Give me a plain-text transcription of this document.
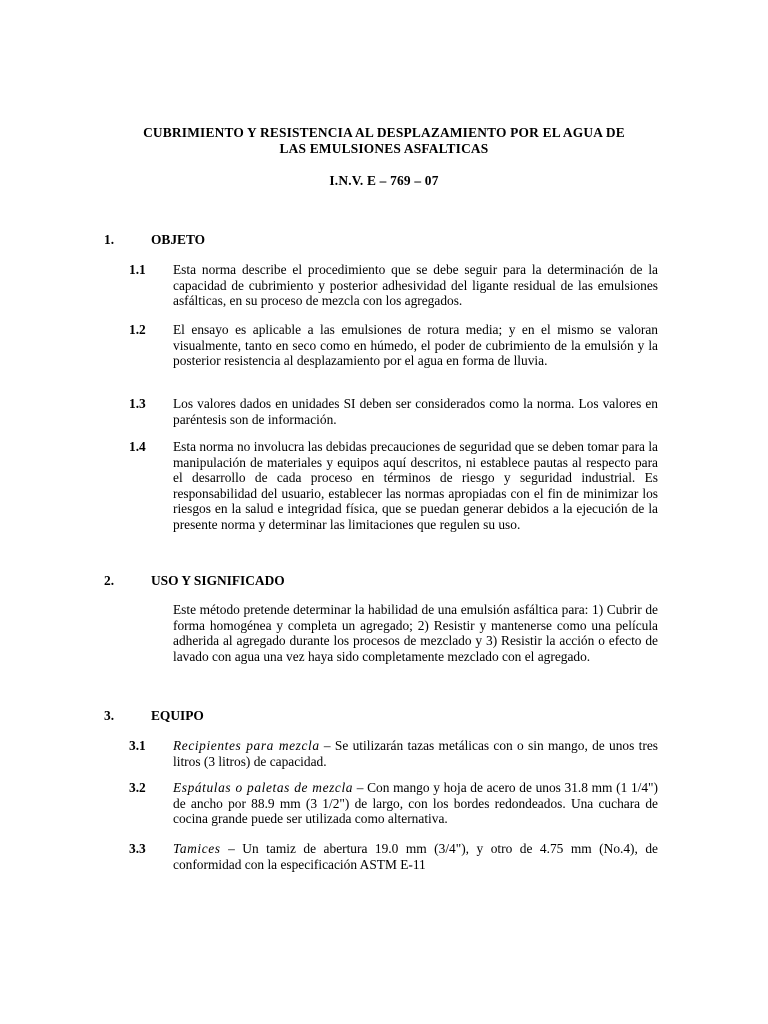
CUBRIMIENTO Y RESISTENCIA AL DESPLAZAMIENTO POR EL AGUA DE
LAS EMULSIONES ASFALTICAS
I.N.V. E – 769 – 07
1.	OBJETO
1.1 Esta norma describe el procedimiento que se debe seguir para la determinación de la capacidad de cubrimiento y posterior adhesividad del ligante residual de las emulsiones asfálticas, en su proceso de mezcla con los agregados.
1.2 El ensayo es aplicable a las emulsiones de rotura media; y en el mismo se valoran visualmente, tanto en seco como en húmedo, el poder de cubrimiento de la emulsión y la posterior resistencia al desplazamiento por el agua en forma de lluvia.
1.3 Los valores dados en unidades SI deben ser considerados como la norma. Los valores en paréntesis son de información.
1.4 Esta norma no involucra las debidas precauciones de seguridad que se deben tomar para la manipulación de materiales y equipos aquí descritos, ni establece pautas al respecto para el desarrollo de cada proceso en términos de riesgo y seguridad industrial. Es responsabilidad del usuario, establecer las normas apropiadas con el fin de minimizar los riesgos en la salud e integridad física, que se puedan generar debidos a la ejecución de la presente norma y determinar las limitaciones que regulen su uso.
2.	USO Y SIGNIFICADO
Este método pretende determinar la habilidad de una emulsión asfáltica para: 1) Cubrir de forma homogénea y completa un agregado; 2) Resistir y mantenerse como una película adherida al agregado durante los procesos de mezclado y 3) Resistir la acción o efecto de lavado con agua una vez haya sido completamente mezclado con el agregado.
3.	EQUIPO
3.1 Recipientes para mezcla – Se utilizarán tazas metálicas con o sin mango, de unos tres litros (3 litros) de capacidad.
3.2 Espátulas o paletas de mezcla – Con mango y hoja de acero de unos 31.8 mm (1 1/4") de ancho por 88.9 mm (3 1/2") de largo, con los bordes redondeados. Una cuchara de cocina grande puede ser utilizada como alternativa.
3.3 Tamices – Un tamiz de abertura 19.0 mm (3/4"), y otro de 4.75 mm (No.4), de conformidad con la especificación ASTM E-11
